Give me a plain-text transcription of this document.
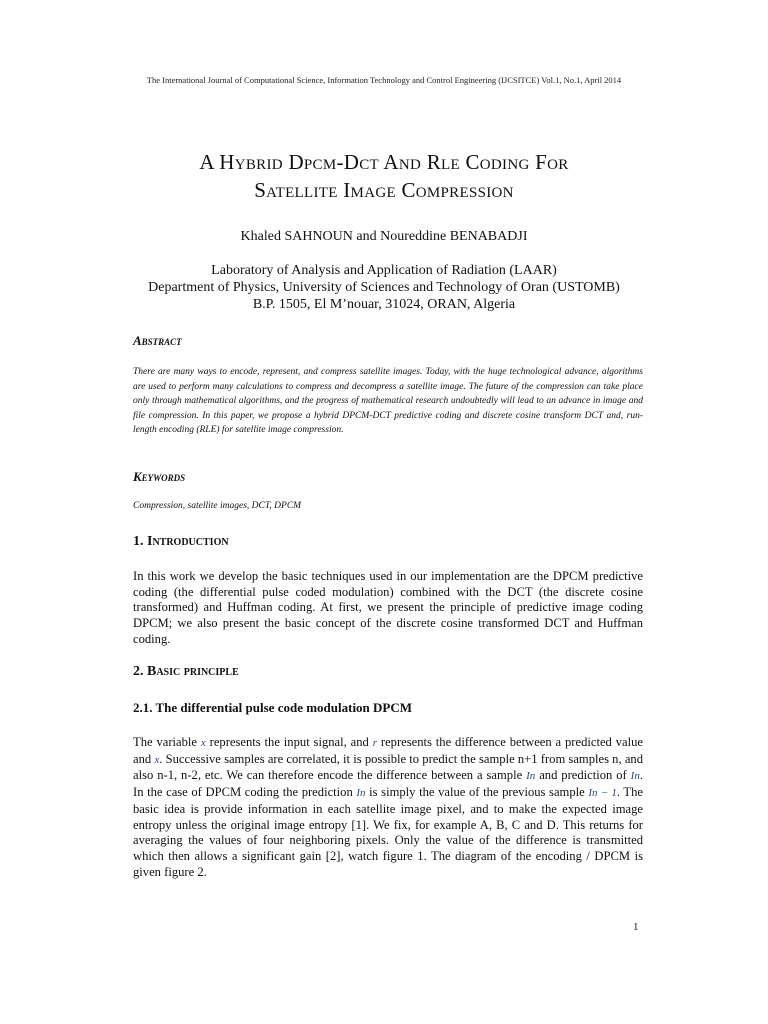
The International Journal of Computational Science, Information Technology and Control Engineering (IJCSITCE) Vol.1, No.1, April 2014
A Hybrid Dpcm-Dct And Rle Coding For
Satellite Image Compression
Khaled SAHNOUN and Noureddine BENABADJI
Laboratory of Analysis and Application of Radiation (LAAR)
Department of Physics, University of Sciences and Technology of Oran (USTOMB)
B.P. 1505, El M’nouar, 31024, ORAN, Algeria
Abstract
There are many ways to encode, represent, and compress satellite images. Today, with the huge technological advance, algorithms are used to perform many calculations to compress and decompress a satellite image. The future of the compression can take place only through mathematical algorithms, and the progress of mathematical research undoubtedly will lead to an advance in image and file compression. In this paper, we propose a hybrid DPCM-DCT predictive coding and discrete cosine transform DCT and, run-length encoding (RLE) for satellite image compression.
Keywords
Compression, satellite images, DCT, DPCM
1. Introduction
In this work we develop the basic techniques used in our implementation are the DPCM predictive coding (the differential pulse coded modulation) combined with the DCT (the discrete cosine transformed) and Huffman coding. At first, we present the principle of predictive image coding DPCM; we also present the basic concept of the discrete cosine transformed DCT and Huffman coding.
2. Basic principle
2.1. The differential pulse code modulation DPCM
The variable x represents the input signal, and r represents the difference between a predicted value and x. Successive samples are correlated, it is possible to predict the sample n+1 from samples n, and also n-1, n-2, etc. We can therefore encode the difference between a sample In and prediction of In. In the case of DPCM coding the prediction In is simply the value of the previous sample In − 1. The basic idea is provide information in each satellite image pixel, and to make the expected image entropy unless the original image entropy [1]. We fix, for example A, B, C and D. This returns for averaging the values of four neighboring pixels. Only the value of the difference is transmitted which then allows a significant gain [2], watch figure 1. The diagram of the encoding / DPCM is given figure 2.
1
